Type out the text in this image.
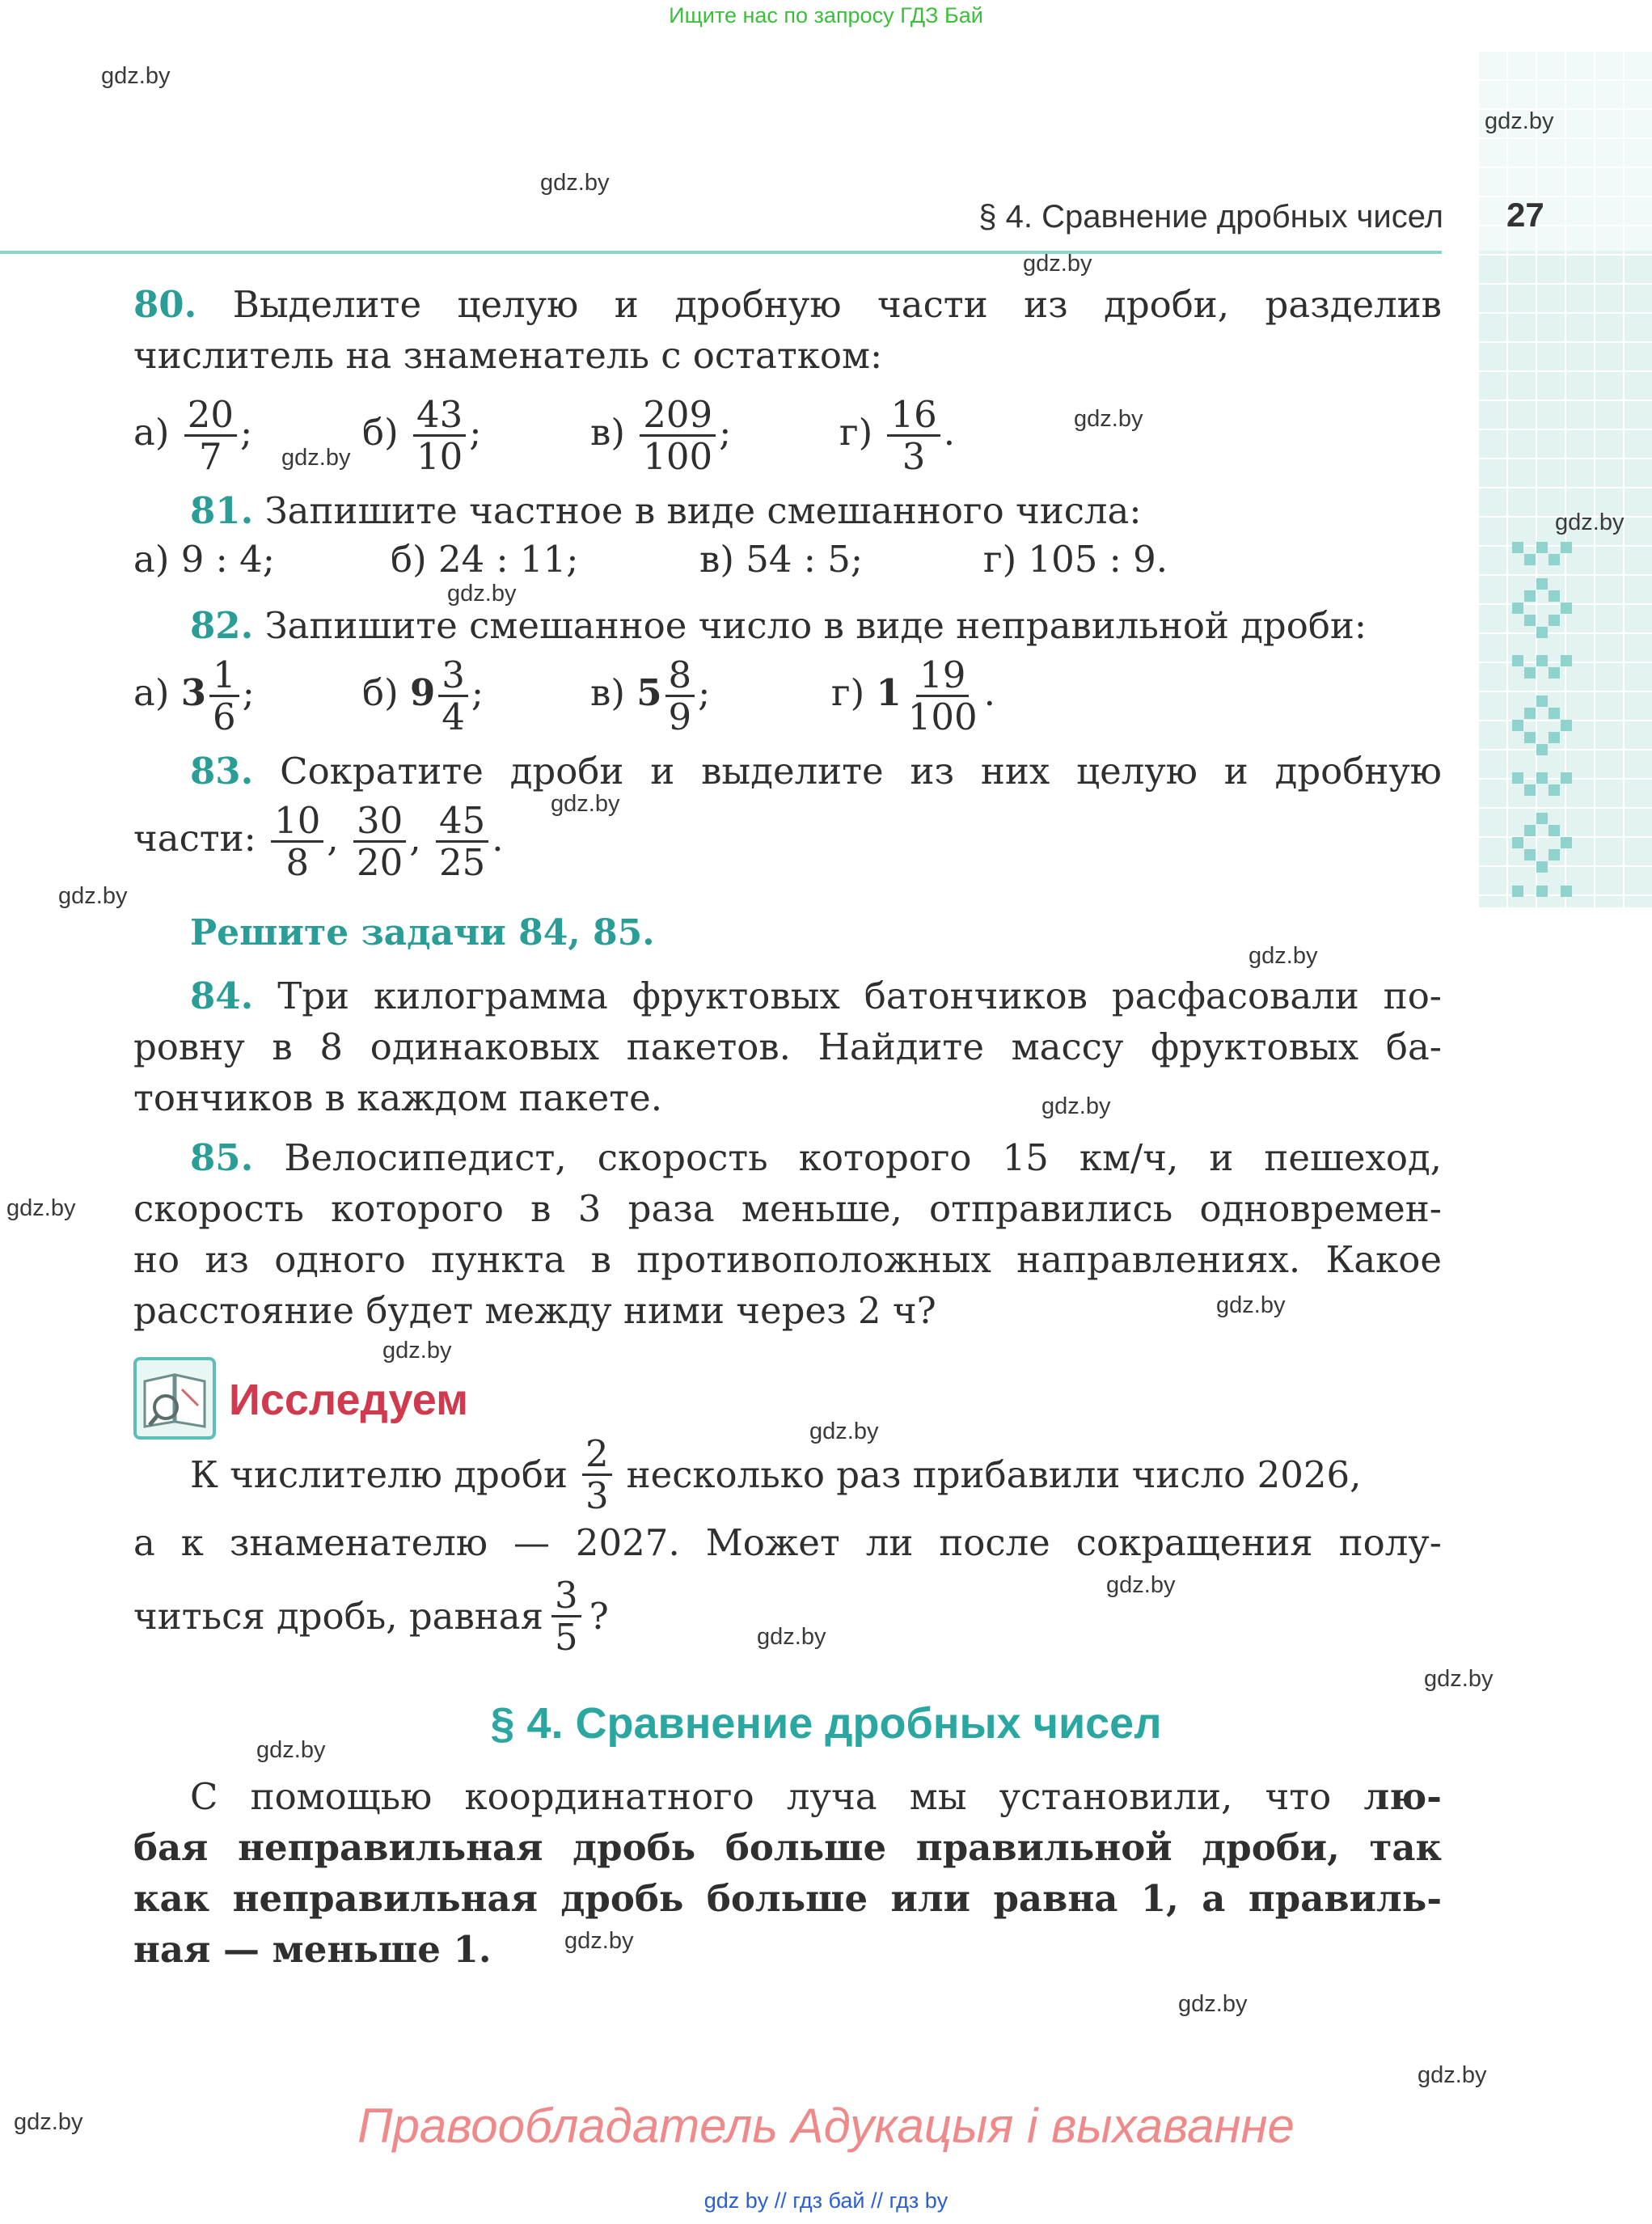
Ищите нас по запросу ГДЗ Бай
§ 4. Сравнение дробных чисел 27
80. Выделите целую и дробную части из дроби, разделив
числитель на знаменатель с остатком:
$а) \frac{20}{7}$ ;	$б) \frac{43}{10}$ ;	$в) \frac{209}{100}$ ;	$г) \frac{16}{3}$ .
81. Запишите частное в виде смешанного числа:
а) 9 : 4;	б) 24 : 11;	в) 54 : 5;	г) 105 : 9.
82. Запишите смешанное число в виде неправильной дроби:
а) $3 \frac{1}{6}$ ;	б) $9 \frac{3}{4}$ ;	в) $5 \frac{8}{9}$ ;	г) $1 \frac{19}{100}$ .
83. Сократите дроби и выделите из них целую и дробную
части: $\frac{10}{8}$ , $\frac{30}{20}$ , $\frac{45}{25}$ .
Решите задачи 84, 85.
84. Три килограмма фруктовых батончиков расфасовали по-
ровну в 8 одинаковых пакетов. Найдите массу фруктовых ба-
тончиков в каждом пакете.
85. Велосипедист, скорость которого 15 км/ч, и пешеход,
скорость которого в 3 раза меньше, отправились одновремен-
но из одного пункта в противоположных направлениях. Какое
расстояние будет между ними через 2 ч?
Исследуем
К числителю дроби $\frac{2}{3}$ несколько раз прибавили число 2026,
а к знаменателю — 2027. Может ли после сокращения полу-
читься дробь, равная $\frac{3}{5}$ ?
§ 4. Сравнение дробных чисел
С помощью координатного луча мы установили, что лю-
бая неправильная дробь больше правильной дроби, так
как неправильная дробь больше или равна 1, а правиль-
ная — меньше 1.
gdz.by
gdz.by
gdz.by
gdz.by
gdz.by
gdz.by
gdz.by
gdz.by
gdz.by
gdz.by
gdz.by
gdz.by
gdz.by
gdz.by
gdz.by
gdz.by
gdz.by
gdz.by
gdz.by
gdz.by
gdz.by
gdz.by
gdz.by
gdz.by	Правообладатель Адукацыя і выхаванне
gdz by // гдз бай // гдз by
